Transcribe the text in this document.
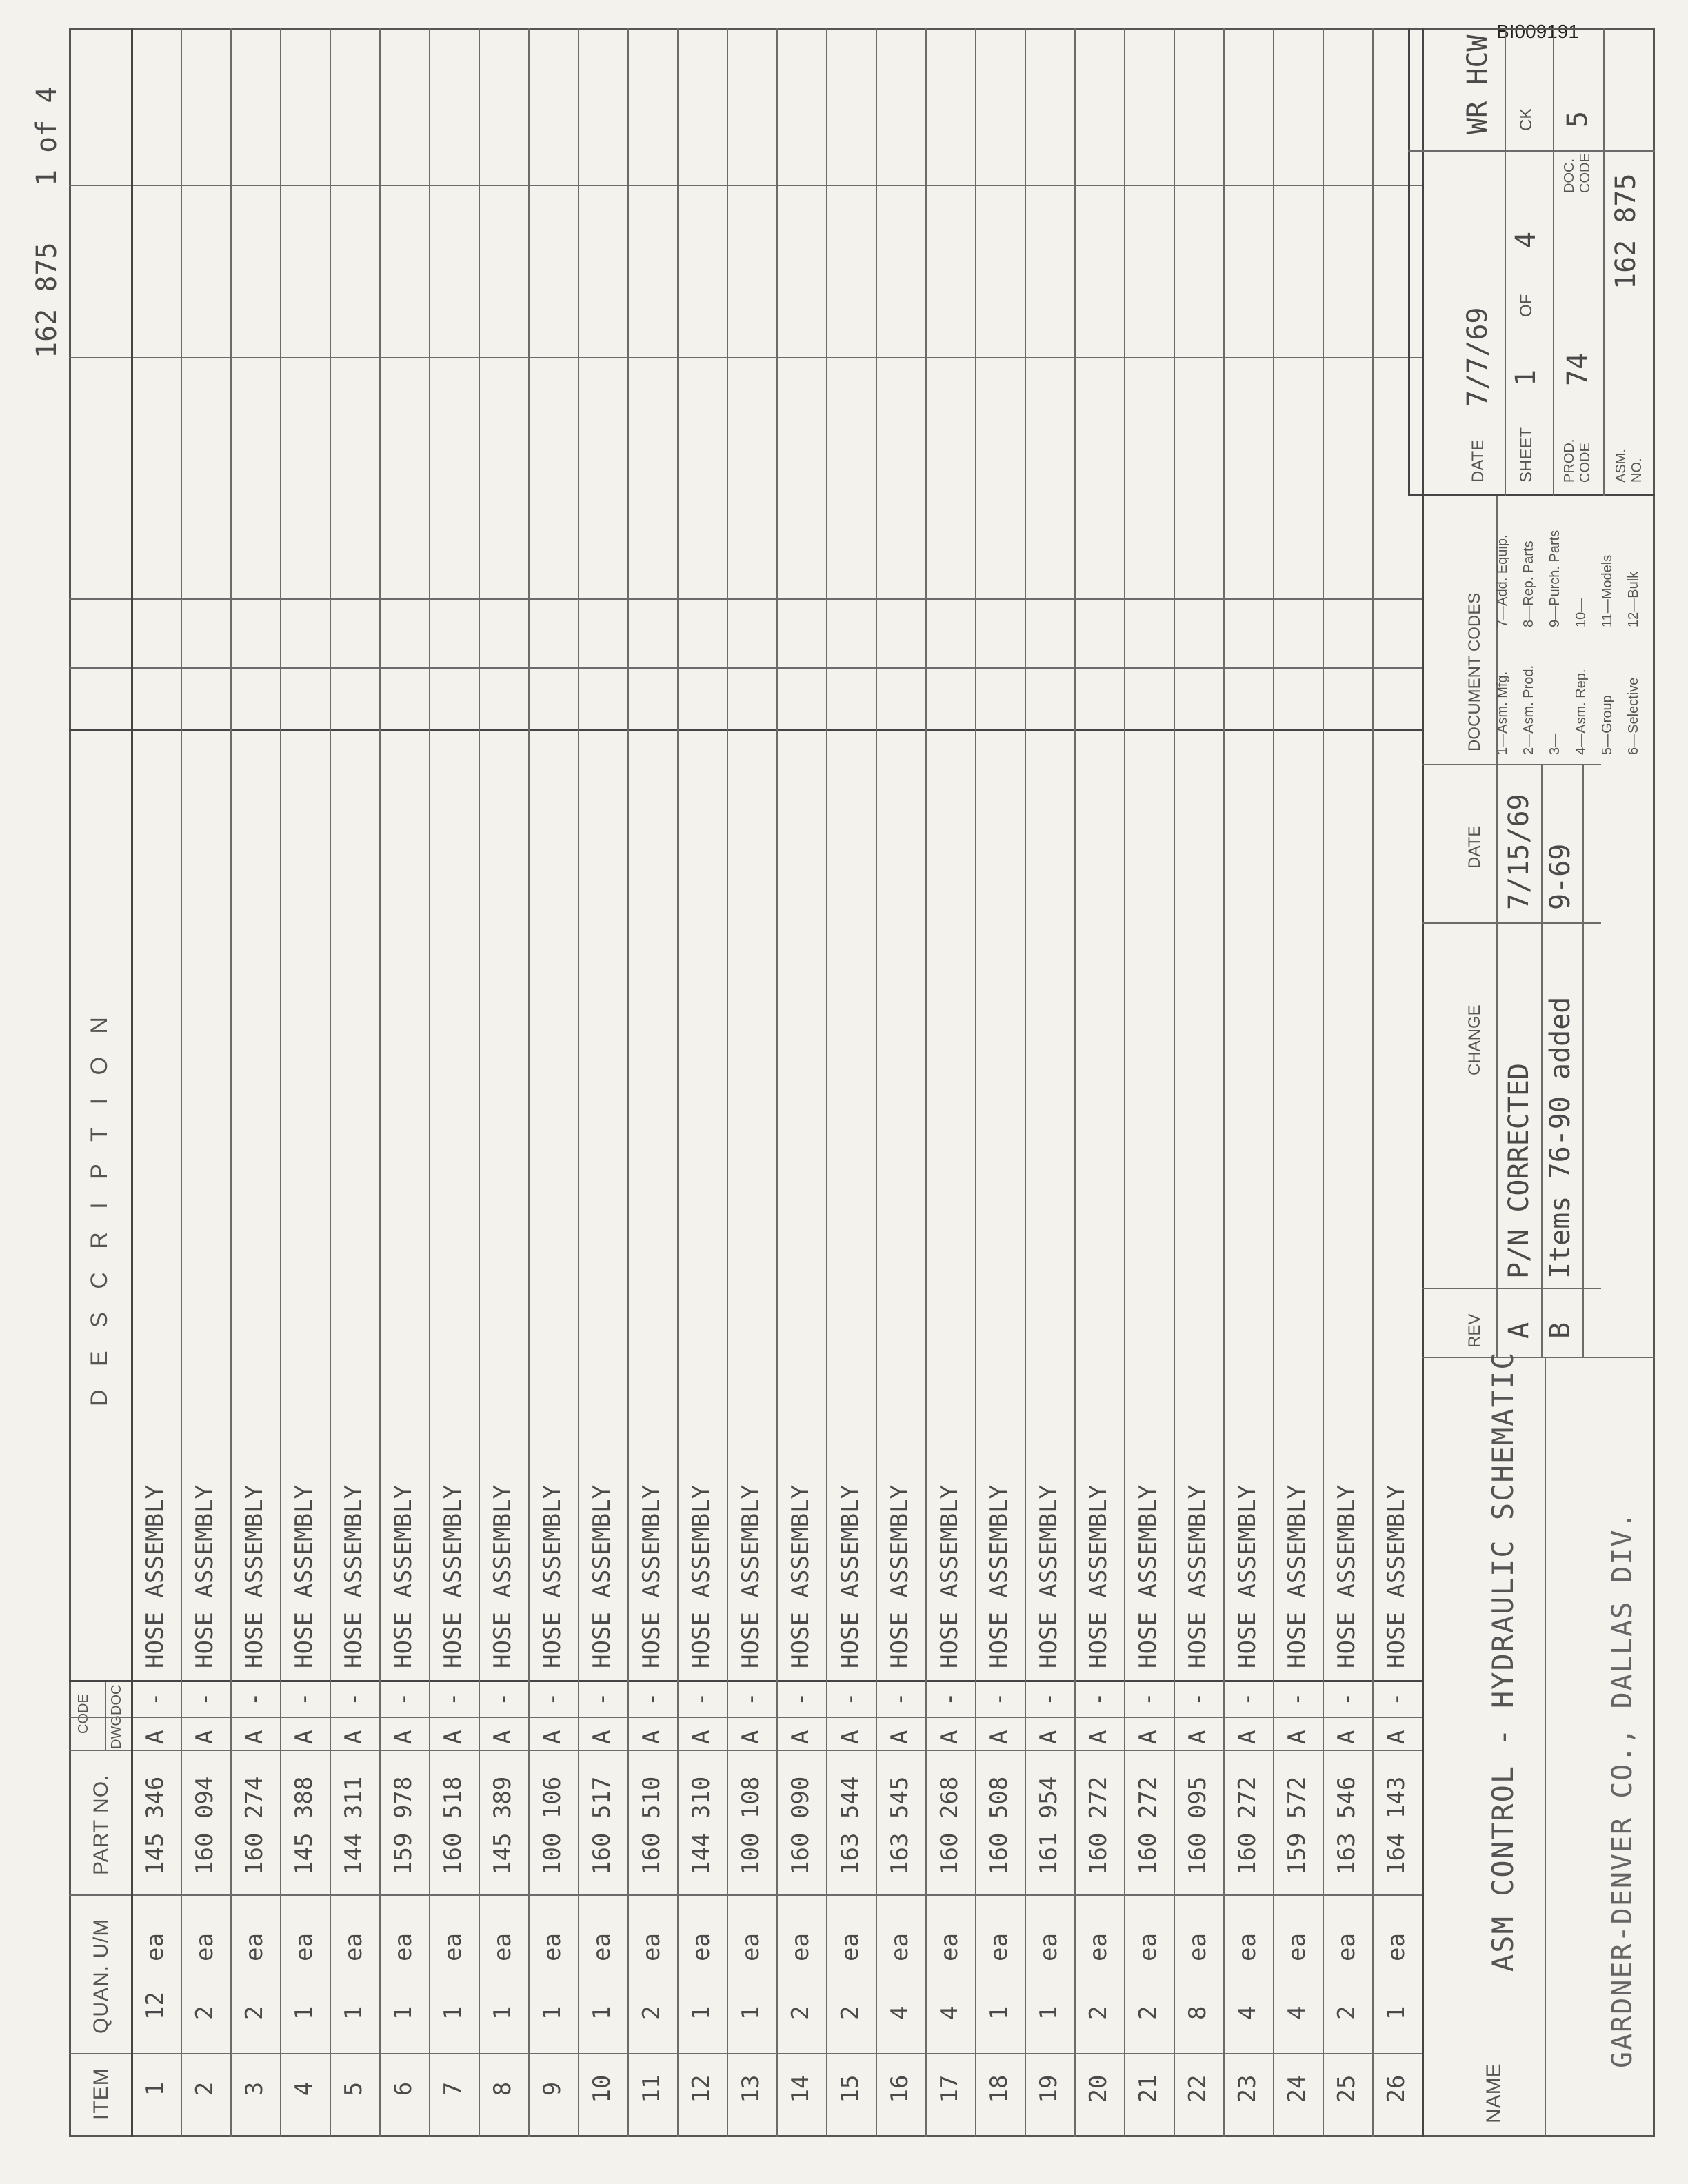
BI009191
162 875
1 of 4
ITEM
QUAN. U/M
PART NO.
CODE DWG
DOC
D E S C R I P T I O N
1
12
ea
145 346
A
-
HOSE ASSEMBLY
2
2
ea
160 094
A
-
HOSE ASSEMBLY
3
2
ea
160 274
A
-
HOSE ASSEMBLY
4
1
ea
145 388
A
-
HOSE ASSEMBLY
5
1
ea
144 311
A
-
HOSE ASSEMBLY
6
1
ea
159 978
A
-
HOSE ASSEMBLY
7
1
ea
160 518
A
-
HOSE ASSEMBLY
8
1
ea
145 389
A
-
HOSE ASSEMBLY
9
1
ea
100 106
A
-
HOSE ASSEMBLY
10
1
ea
160 517
A
-
HOSE ASSEMBLY
11
2
ea
160 510
A
-
HOSE ASSEMBLY
12
1
ea
144 310
A
-
HOSE ASSEMBLY
13
1
ea
100 108
A
-
HOSE ASSEMBLY
14
2
ea
160 090
A
-
HOSE ASSEMBLY
15
2
ea
163 544
A
-
HOSE ASSEMBLY
16
4
ea
163 545
A
-
HOSE ASSEMBLY
17
4
ea
160 268
A
-
HOSE ASSEMBLY
18
1
ea
160 508
A
-
HOSE ASSEMBLY
19
1
ea
161 954
A
-
HOSE ASSEMBLY
20
2
ea
160 272
A
-
HOSE ASSEMBLY
21
2
ea
160 272
A
-
HOSE ASSEMBLY
22
8
ea
160 095
A
-
HOSE ASSEMBLY
23
4
ea
160 272
A
-
HOSE ASSEMBLY
24
4
ea
159 572
A
-
HOSE ASSEMBLY
25
2
ea
163 546
A
-
HOSE ASSEMBLY
26
1
ea
164 143
A
-
HOSE ASSEMBLY
NAME
ASM CONTROL - HYDRAULIC SCHEMATIC	GARDNER-DENVER CO., DALLAS DIV.
REV
CHANGE
DATE
A
P/N CORRECTED
7/15/69
B
Items 76-90 added
9-69
DOCUMENT CODES 1—Asm. Mfg. 2—Asm. Prod. 3— 4—Asm. Rep. 5—Group 6—Selective
7—Add. Equip. 8—Rep. Parts 9—Purch. Parts 10— 11—Models 12—Bulk
DATE
7/7/69
WR HCW
SHEET
1
OF
4
CK
PROD. CODE
74
DOC. CODE
5
ASM. NO.
162 875
